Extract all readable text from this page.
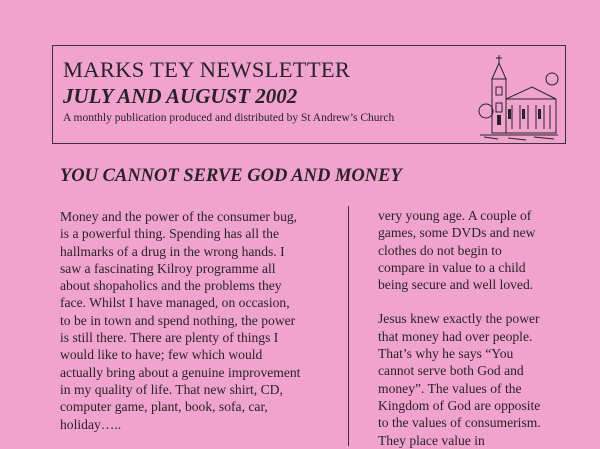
MARKS TEY NEWSLETTER
JULY AND AUGUST 2002
A monthly publication produced and distributed by St Andrew’s Church
YOU CANNOT SERVE GOD AND MONEY
Money and the power of the consumer bug,
is a powerful thing. Spending has all the
hallmarks of a drug in the wrong hands. I
saw a fascinating Kilroy programme all
about shopaholics and the problems they
face. Whilst I have managed, on occasion,
to be in town and spend nothing, the power
is still there. There are plenty of things I
would like to have; few which would
actually bring about a genuine improvement
in my quality of life. That new shirt, CD,
computer game, plant, book, sofa, car,
holiday…..
very young age. A couple of
games, some DVDs and new
clothes do not begin to
compare in value to a child
being secure and well loved.
Jesus knew exactly the power
that money had over people.
That’s why he says “You
cannot serve both God and
money”. The values of the
Kingdom of God are opposite
to the values of consumerism.
They place value in
